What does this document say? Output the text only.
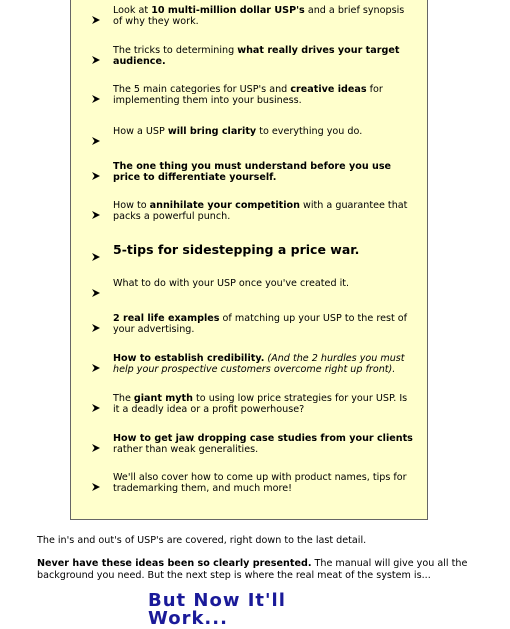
Look at 10 multi-million dollar USP's and a brief synopsis of why they work.
The tricks to determining what really drives your target audience.
The 5 main categories for USP's and creative ideas for implementing them into your business.
How a USP will bring clarity to everything you do.
The one thing you must understand before you use price to differentiate yourself.
How to annihilate your competition with a guarantee that packs a powerful punch.
5-tips for sidestepping a price war.
What to do with your USP once you've created it.
2 real life examples of matching up your USP to the rest of your advertising.
How to establish credibility. (And the 2 hurdles you must help your prospective customers overcome right up front).
The giant myth to using low price strategies for your USP. Is it a deadly idea or a profit powerhouse?
How to get jaw dropping case studies from your clients rather than weak generalities.
We'll also cover how to come up with product names, tips for trademarking them, and much more!
The in's and out's of USP's are covered, right down to the last detail.
Never have these ideas been so clearly presented. The manual will give you all the background you need. But the next step is where the real meat of the system is...
But Now It'll Work...
